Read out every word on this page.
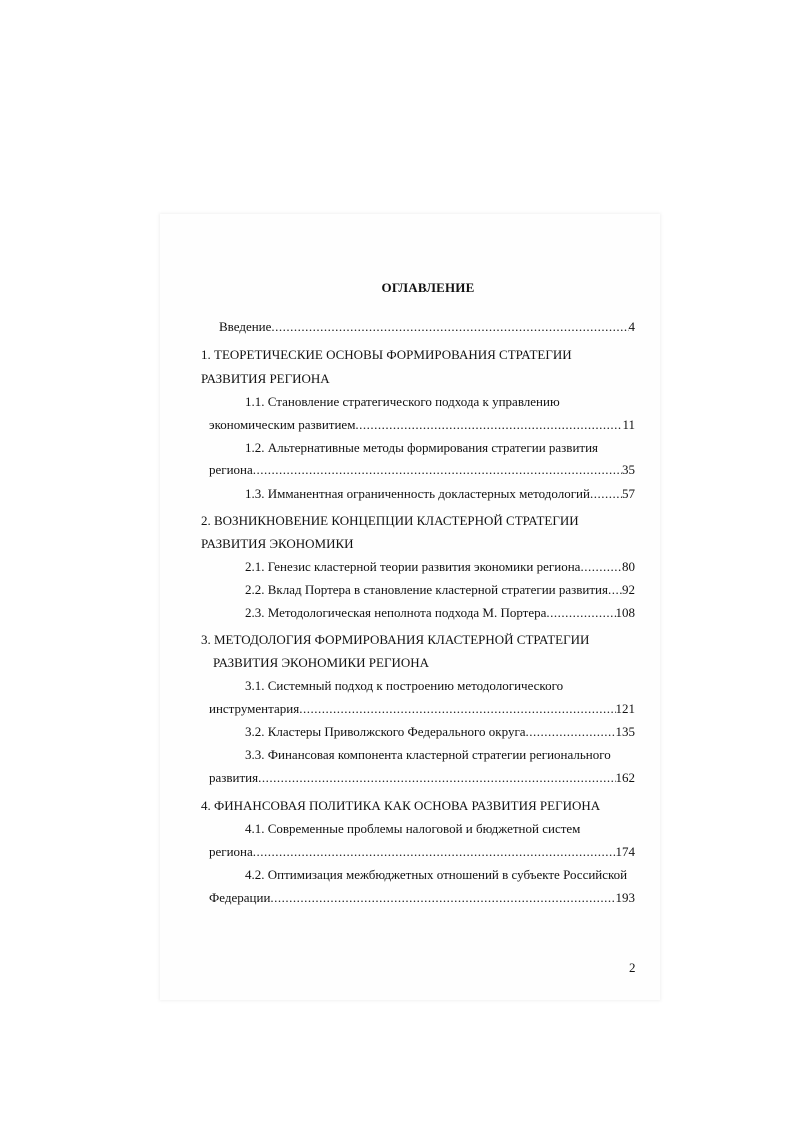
ОГЛАВЛЕНИЕ
Введение .....	4
1. ТЕОРЕТИЧЕСКИЕ ОСНОВЫ ФОРМИРОВАНИЯ СТРАТЕГИИ
РАЗВИТИЯ РЕГИОНА
1.1. Становление стратегического подхода к управлению
экономическим развитием .....	11
1.2. Альтернативные методы формирования стратегии развития
региона .....	35
1.3. Имманентная ограниченность докластерных методологий ..... 57
2. ВОЗНИКНОВЕНИЕ КОНЦЕПЦИИ КЛАСТЕРНОЙ СТРАТЕГИИ
РАЗВИТИЯ ЭКОНОМИКИ
2.1. Генезис кластерной теории развития экономики региона .....	80
2.2. Вклад Портера в становление кластерной стратегии развития ..... 92
2.3. Методологическая неполнота подхода М. Портера .....	108
3. МЕТОДОЛОГИЯ ФОРМИРОВАНИЯ КЛАСТЕРНОЙ СТРАТЕГИИ
РАЗВИТИЯ ЭКОНОМИКИ РЕГИОНА
3.1. Системный подход к построению методологического
инструментария .....	121
3.2. Кластеры Приволжского Федерального округа .....	135
3.3. Финансовая компонента кластерной стратегии регионального
развития .....	162
4. ФИНАНСОВАЯ ПОЛИТИКА КАК ОСНОВА РАЗВИТИЯ РЕГИОНА
4.1. Современные проблемы налоговой и бюджетной систем
региона .....	174
4.2. Оптимизация межбюджетных отношений в субъекте Российской
Федерации .....	193
2
